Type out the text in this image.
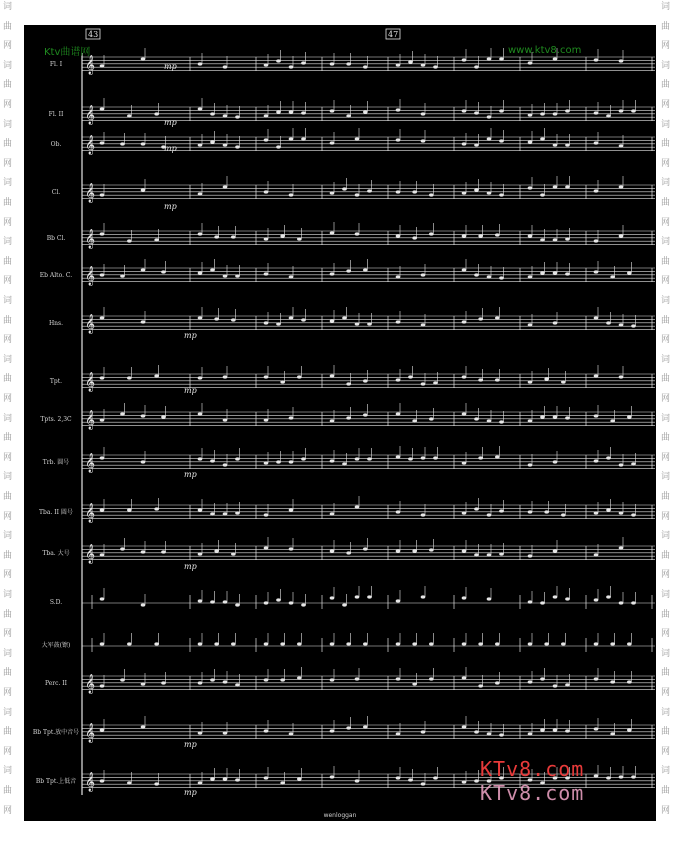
词
曲
网
词
曲
网
词
曲
网
词
曲
网
词
曲
网
词
曲
网
词
曲
网
词
曲
网
词
曲
网
词
曲
网
词
曲
网
词
曲
网
词
曲
网
词
曲
网
词
曲
网
词
曲
网
词
曲
网
词
曲
网
词
曲
网
词
曲
网
词
曲
网
词
曲
网
词
曲
网
词
曲
网
词
曲
网
词
曲
网
词
曲
网
词
曲
网
𝄞
𝄞
𝄞
𝄞
𝄞
𝄞
𝄞
𝄞
𝄞
𝄞
𝄞
𝄞
𝄞
𝄞
𝄞
43	47
mp
mp
mp
mp
mp
mp
mp
mp
mp
mp
Ktv曲谱网	www.ktv8.com
Fl. I
Fl. II
Ob.
Cl.
Bb Cl.
Eb Alto. C.
Hns.
Tpt.
Tpts. 2,3C
Trb. 圆号
Tba. II 圆号
Tba. 大号
S.D.
大军鼓(镲)
Perc. II
Bb Tpt.放中音号
Bb Tpt.上低音
wenloggan
KTv8.com
KTv8.com
